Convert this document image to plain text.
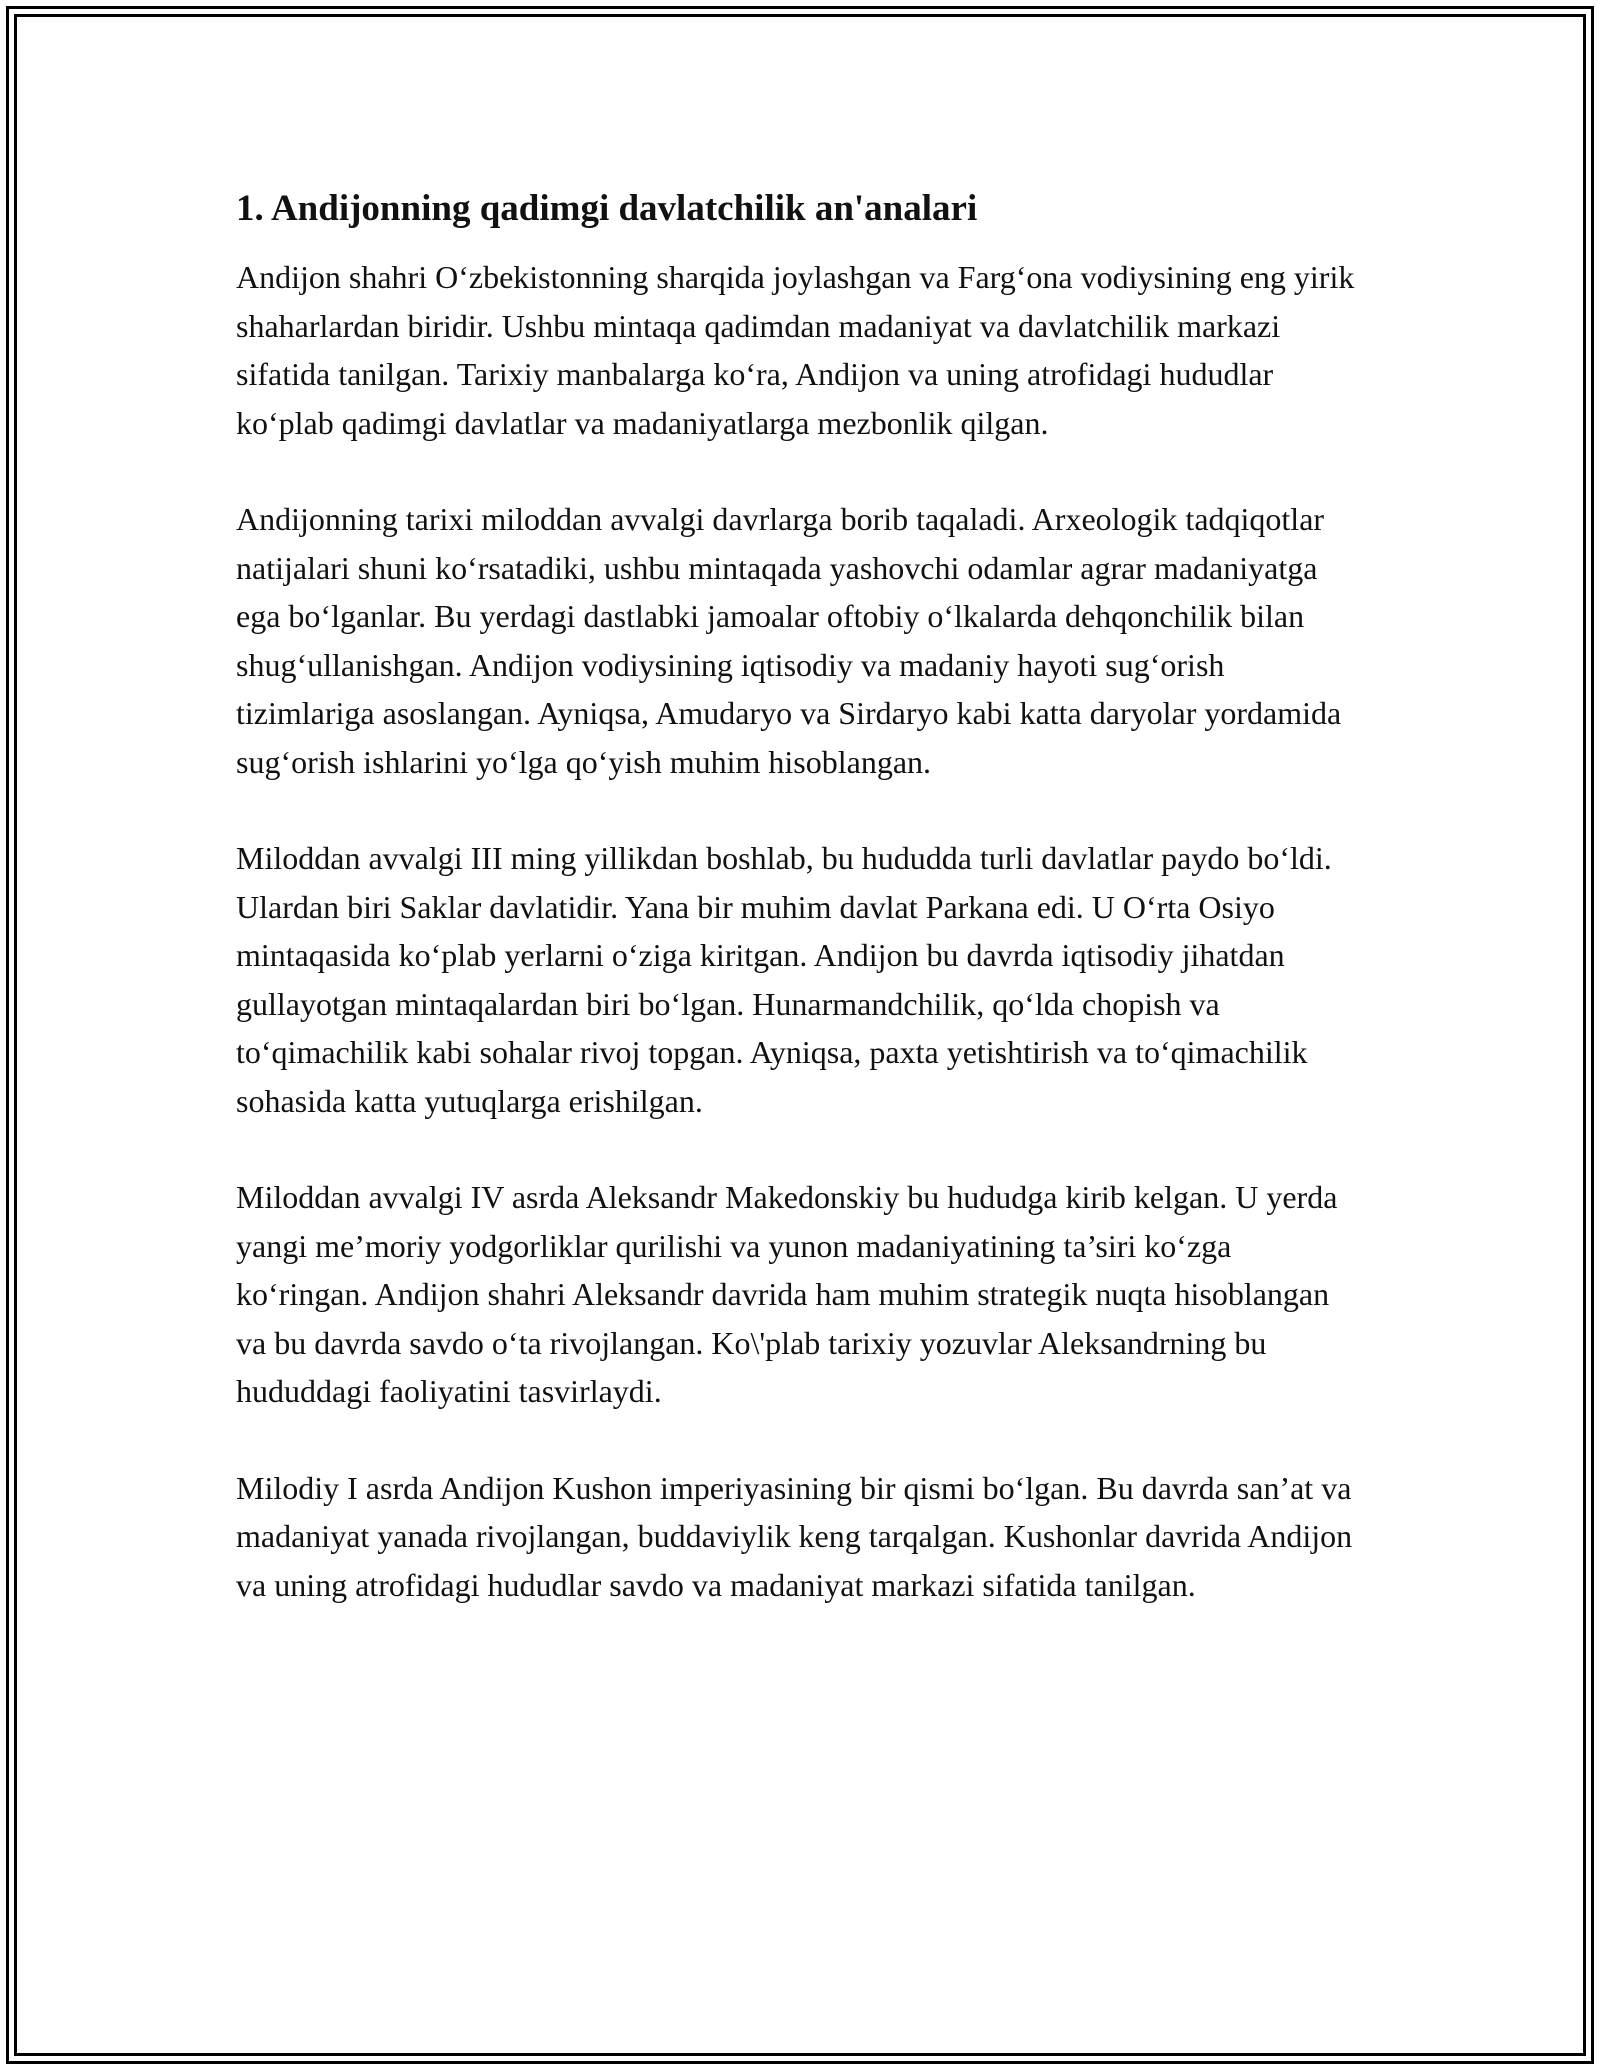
1. Andijonning qadimgi davlatchilik an'analari

Andijon shahri Oʻzbekistonning sharqida joylashgan va Fargʻona vodiysining eng yirik shaharlardan biridir. Ushbu mintaqa qadimdan madaniyat va davlatchilik markazi sifatida tanilgan. Tarixiy manbalarga koʻra, Andijon va uning atrofidagi hududlar koʻplab qadimgi davlatlar va madaniyatlarga mezbonlik qilgan.

Andijonning tarixi miloddan avvalgi davrlarga borib taqaladi. Arxeologik tadqiqotlar natijalari shuni koʻrsatadiki, ushbu mintaqada yashovchi odamlar agrar madaniyatga ega boʻlganlar. Bu yerdagi dastlabki jamoalar oftobiy oʻlkalarda dehqonchilik bilan shugʻullanishgan. Andijon vodiysining iqtisodiy va madaniy hayoti sugʻorish tizimlariga asoslangan. Ayniqsa, Amudaryo va Sirdaryo kabi katta daryolar yordamida sugʻorish ishlarini yoʻlga qoʻyish muhim hisoblangan.

Miloddan avvalgi III ming yillikdan boshlab, bu hududda turli davlatlar paydo boʻldi. Ulardan biri Saklar davlatidir. Yana bir muhim davlat Parkana edi. U Oʻrta Osiyo mintaqasida koʻplab yerlarni oʻziga kiritgan. Andijon bu davrda iqtisodiy jihatdan gullayotgan mintaqalardan biri boʻlgan. Hunarmandchilik, qoʻlda chopish va toʻqimachilik kabi sohalar rivoj topgan. Ayniqsa, paxta yetishtirish va toʻqimachilik sohasida katta yutuqlarga erishilgan.

Miloddan avvalgi IV asrda Aleksandr Makedonskiy bu hududga kirib kelgan. U yerda yangi me’moriy yodgorliklar qurilishi va yunon madaniyatining ta’siri koʻzga koʻringan. Andijon shahri Aleksandr davrida ham muhim strategik nuqta hisoblangan va bu davrda savdo oʻta rivojlangan. Ko\'plab tarixiy yozuvlar Aleksandrning bu hududdagi faoliyatini tasvirlaydi.

Milodiy I asrda Andijon Kushon imperiyasining bir qismi boʻlgan. Bu davrda san’at va madaniyat yanada rivojlangan, buddaviylik keng tarqalgan. Kushonlar davrida Andijon va uning atrofidagi hududlar savdo va madaniyat markazi sifatida tanilgan.
